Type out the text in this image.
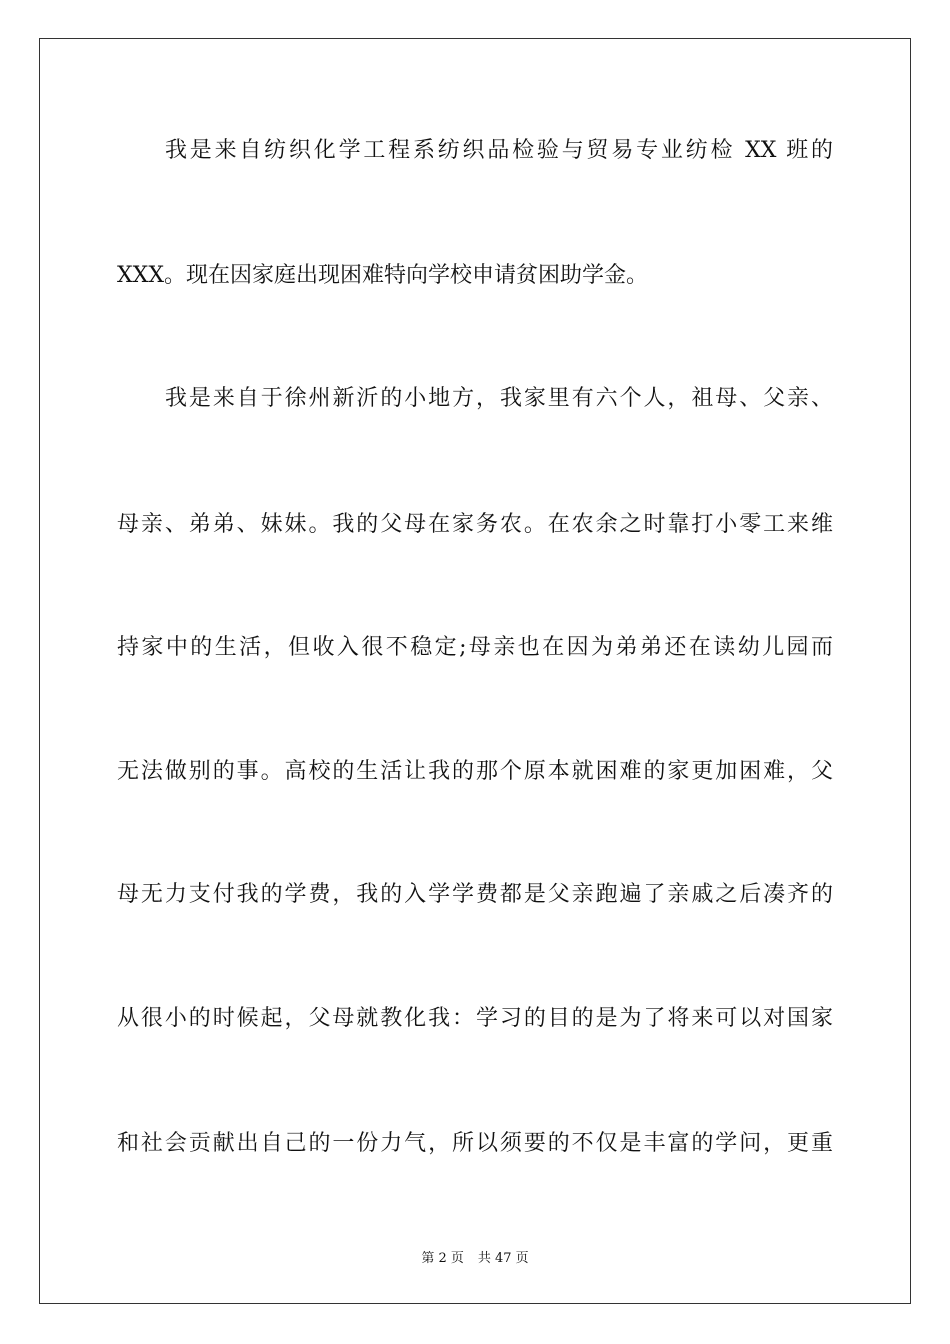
我是来自纺织化学工程系纺织品检验与贸易专业纺检 XX 班的
XXX。现在因家庭出现困难特向学校申请贫困助学金。
我是来自于徐州新沂的小地方，我家里有六个人，祖母、父亲、
母亲、弟弟、妹妹。我的父母在家务农。在农余之时靠打小零工来维
持家中的生活，但收入很不稳定;母亲也在因为弟弟还在读幼儿园而
无法做别的事。高校的生活让我的那个原本就困难的家更加困难，父
母无力支付我的学费，我的入学学费都是父亲跑遍了亲戚之后凑齐的
从很小的时候起，父母就教化我：学习的目的是为了将来可以对国家
和社会贡献出自己的一份力气，所以须要的不仅是丰富的学问，更重
第 2 页 共 47 页
